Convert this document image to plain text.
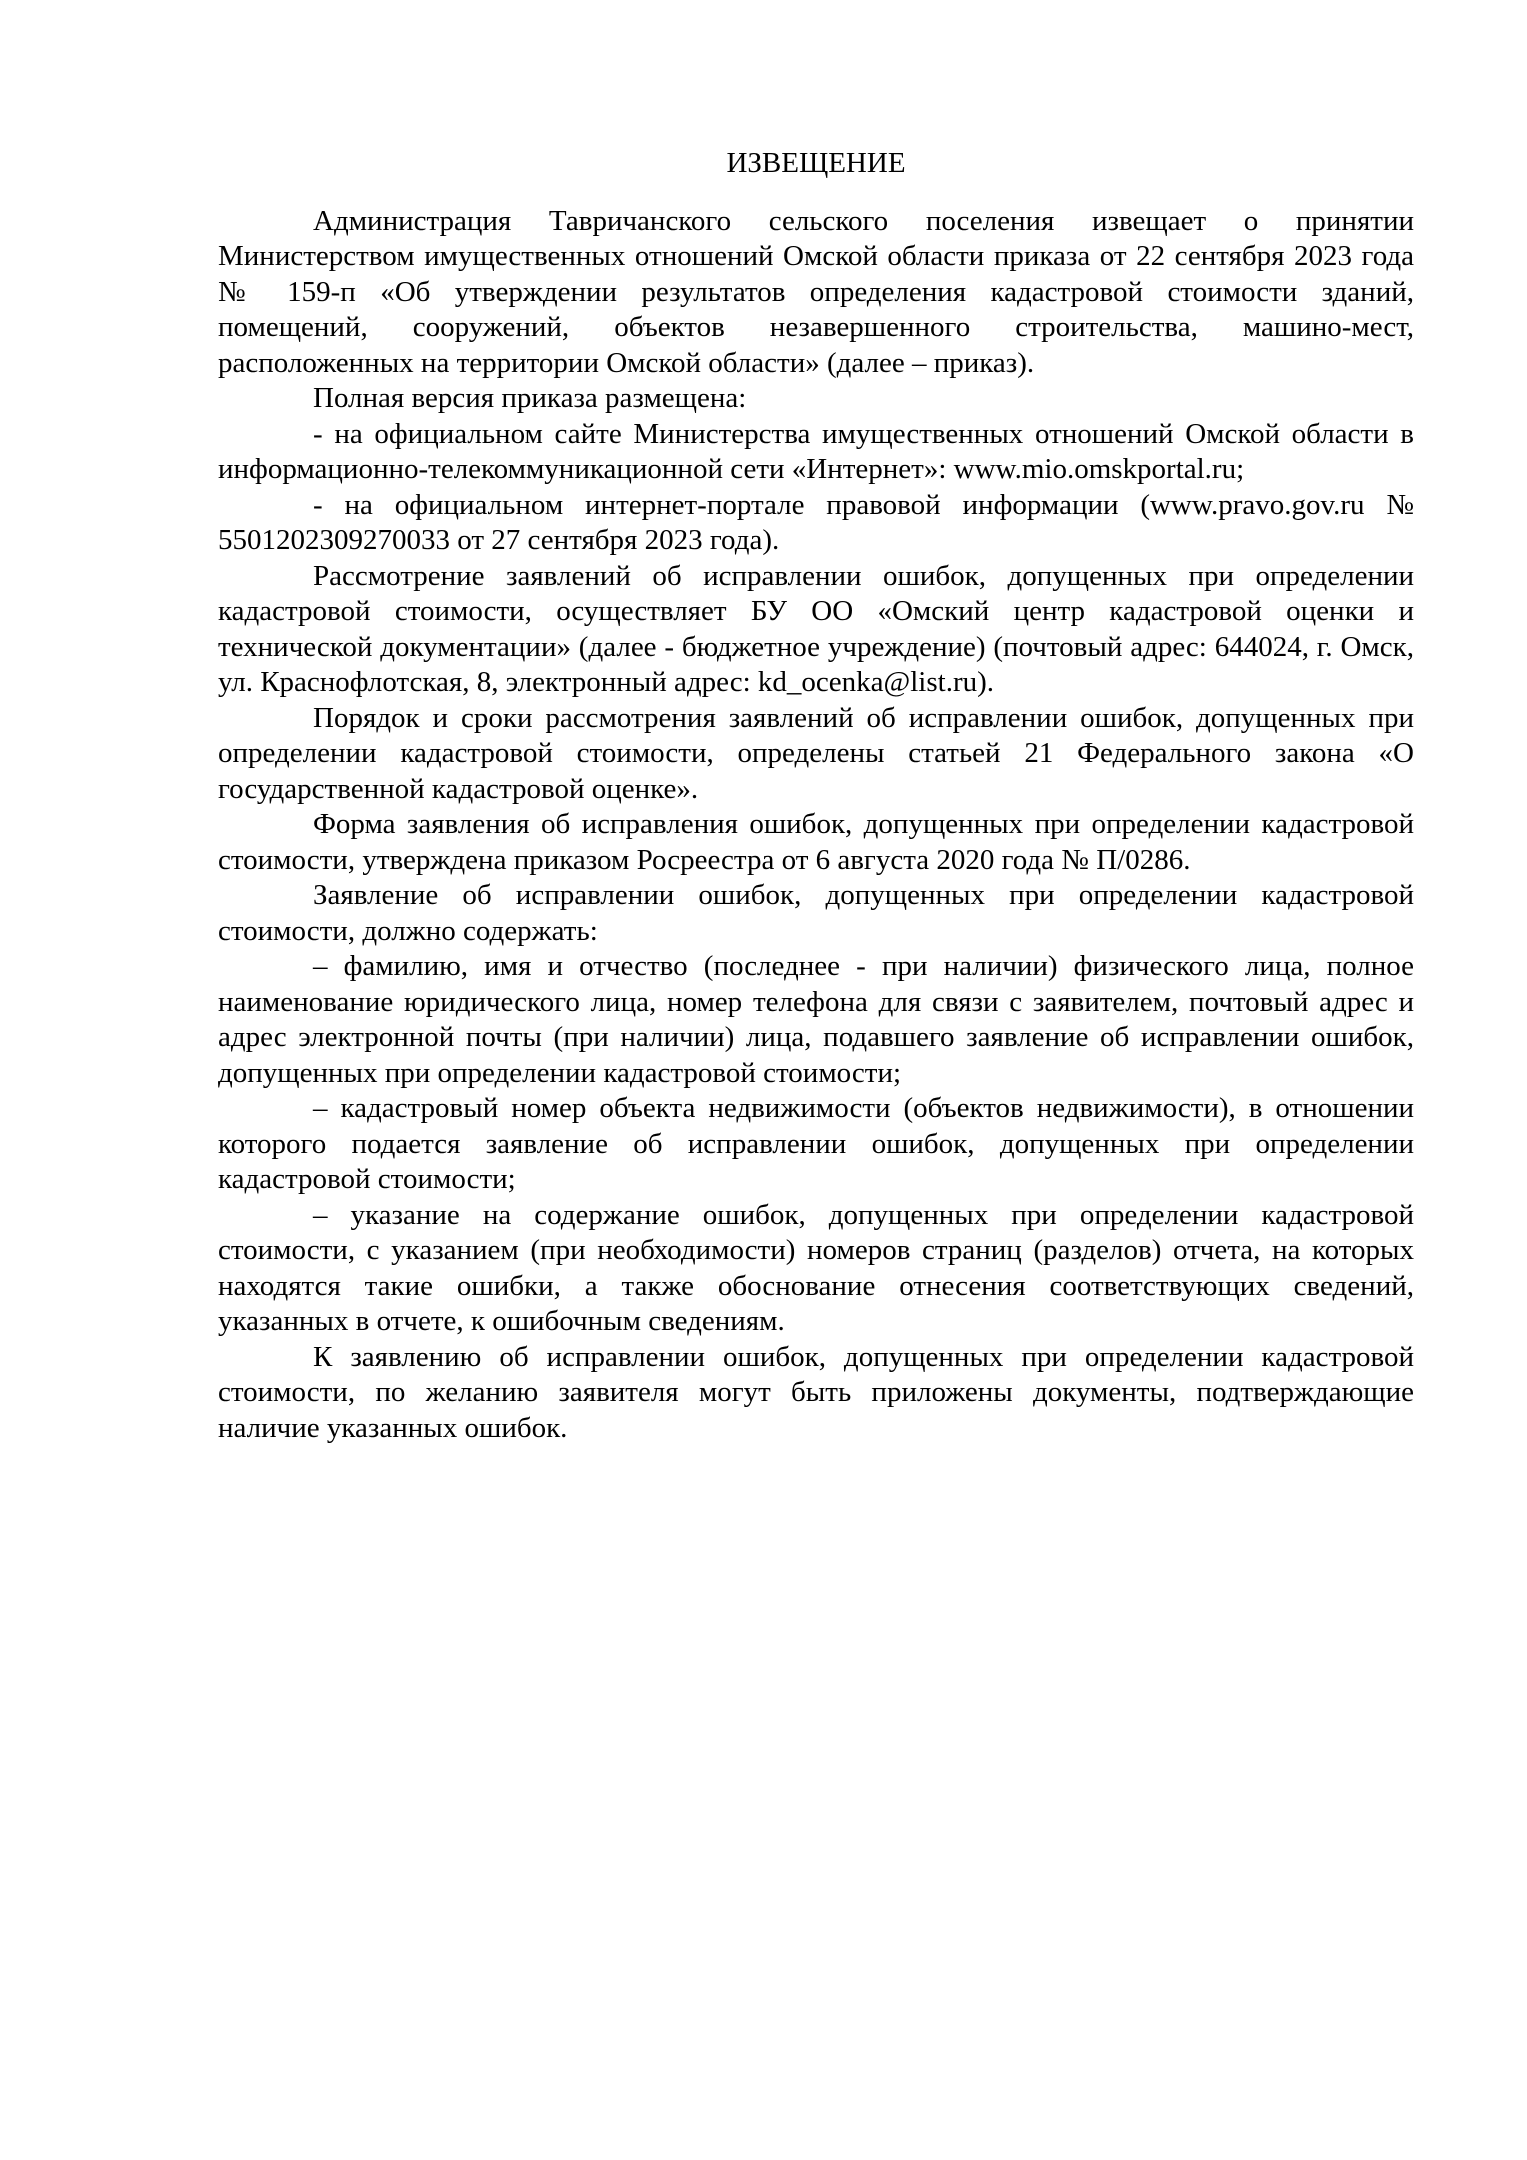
ИЗВЕЩЕНИЕ

Администрация Тавричанского сельского поселения извещает о принятии Министерством имущественных отношений Омской области приказа от 22 сентября 2023 года № 159-п «Об утверждении результатов определения кадастровой стоимости зданий, помещений, сооружений, объектов незавершенного строительства, машино-мест, расположенных на территории Омской области» (далее – приказ).

Полная версия приказа размещена:

- на официальном сайте Министерства имущественных отношений Омской области в информационно-телекоммуникационной сети «Интернет»: www.mio.omskportal.ru;

- на официальном интернет-портале правовой информации (www.pravo.gov.ru № 5501202309270033 от 27 сентября 2023 года).

Рассмотрение заявлений об исправлении ошибок, допущенных при определении кадастровой стоимости, осуществляет БУ ОО «Омский центр кадастровой оценки и технической документации» (далее - бюджетное учреждение) (почтовый адрес: 644024, г. Омск, ул. Краснофлотская, 8, электронный адрес: kd_ocenka@list.ru).

Порядок и сроки рассмотрения заявлений об исправлении ошибок, допущенных при определении кадастровой стоимости, определены статьей 21 Федерального закона «О государственной кадастровой оценке».

Форма заявления об исправления ошибок, допущенных при определении кадастровой стоимости, утверждена приказом Росреестра от 6 августа 2020 года № П/0286.

Заявление об исправлении ошибок, допущенных при определении кадастровой стоимости, должно содержать:

– фамилию, имя и отчество (последнее - при наличии) физического лица, полное наименование юридического лица, номер телефона для связи с заявителем, почтовый адрес и адрес электронной почты (при наличии) лица, подавшего заявление об исправлении ошибок, допущенных при определении кадастровой стоимости;

– кадастровый номер объекта недвижимости (объектов недвижимости), в отношении которого подается заявление об исправлении ошибок, допущенных при определении кадастровой стоимости;

– указание на содержание ошибок, допущенных при определении кадастровой стоимости, с указанием (при необходимости) номеров страниц (разделов) отчета, на которых находятся такие ошибки, а также обоснование отнесения соответствующих сведений, указанных в отчете, к ошибочным сведениям.

К заявлению об исправлении ошибок, допущенных при определении кадастровой стоимости, по желанию заявителя могут быть приложены документы, подтверждающие наличие указанных ошибок.
